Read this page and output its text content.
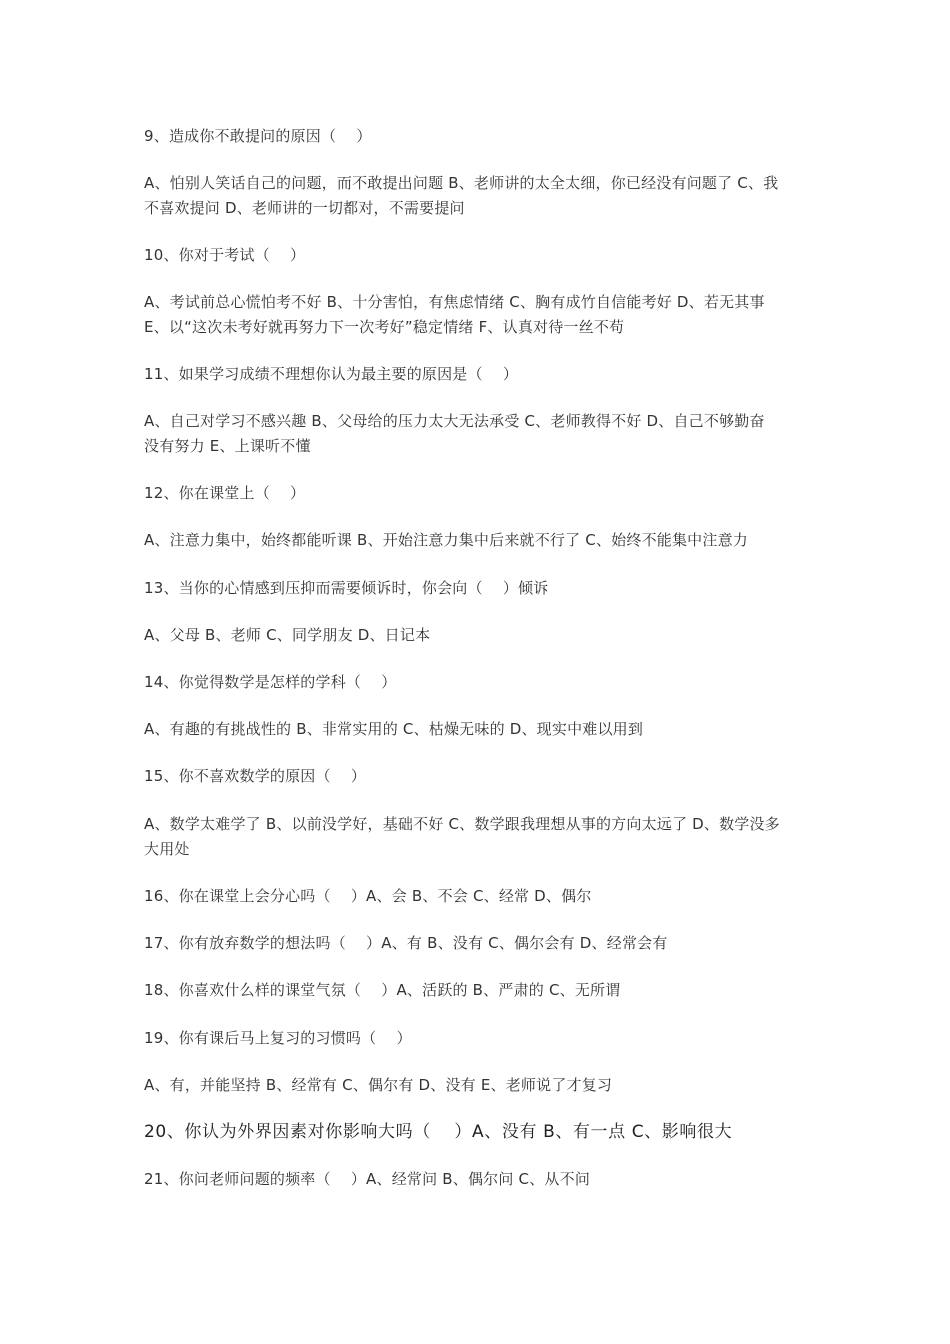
9、造成你不敢提问的原因（　 ）
A、怕别人笑话自己的问题，而不敢提出问题 B、老师讲的太全太细，你已经没有问题了 C、我
不喜欢提问 D、老师讲的一切都对，不需要提问
10、你对于考试（　 ）
A、考试前总心慌怕考不好 B、十分害怕，有焦虑情绪 C、胸有成竹自信能考好 D、若无其事
E、以“这次未考好就再努力下一次考好”稳定情绪 F、认真对待一丝不苟
11、如果学习成绩不理想你认为最主要的原因是（　 ）
A、自己对学习不感兴趣 B、父母给的压力太大无法承受 C、老师教得不好 D、自己不够勤奋
没有努力 E、上课听不懂
12、你在课堂上（　 ）
A、注意力集中，始终都能听课 B、开始注意力集中后来就不行了 C、始终不能集中注意力
13、当你的心情感到压抑而需要倾诉时，你会向（　 ）倾诉
A、父母 B、老师 C、同学朋友 D、日记本
14、你觉得数学是怎样的学科（　 ）
A、有趣的有挑战性的 B、非常实用的 C、枯燥无味的 D、现实中难以用到
15、你不喜欢数学的原因（　 ）
A、数学太难学了 B、以前没学好，基础不好 C、数学跟我理想从事的方向太远了 D、数学没多
大用处
16、你在课堂上会分心吗（　 ）A、会 B、不会 C、经常 D、偶尔
17、你有放弃数学的想法吗（　 ）A、有 B、没有 C、偶尔会有 D、经常会有
18、你喜欢什么样的课堂气氛（　 ）A、活跃的 B、严肃的 C、无所谓
19、你有课后马上复习的习惯吗（　 ）
A、有，并能坚持 B、经常有 C、偶尔有 D、没有 E、老师说了才复习
20、你认为外界因素对你影响大吗（　 ）A、没有 B、有一点 C、影响很大
21、你问老师问题的频率（　 ）A、经常问 B、偶尔问 C、从不问
